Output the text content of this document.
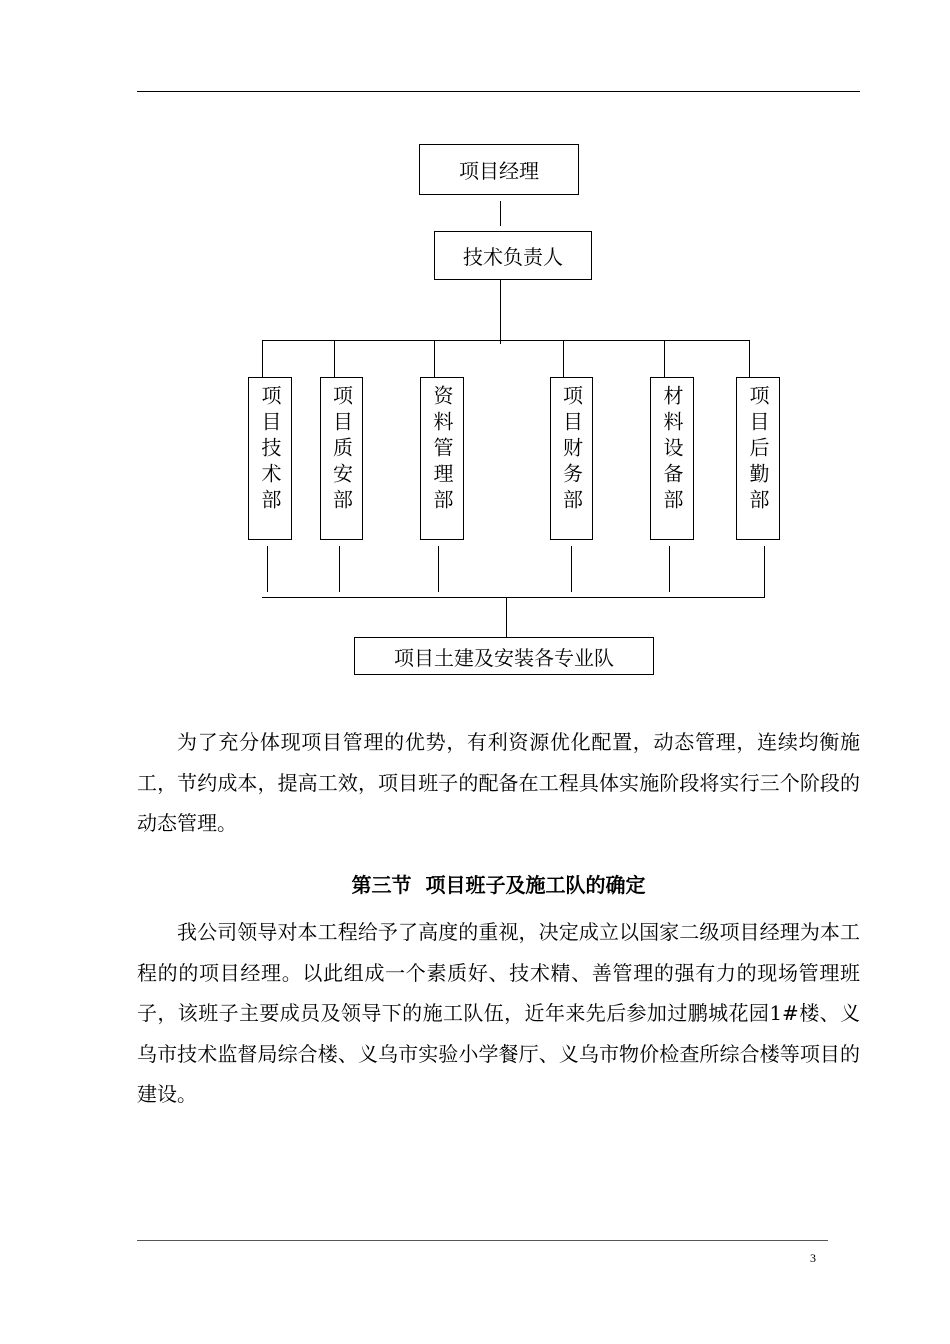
项目经理
技术负责人
项目技术部 项目质安部	资料管理部	项目财务部	材料设备部	项目后勤部
项目土建及安装各专业队

为了充分体现项目管理的优势，有利资源优化配置，动态管理，连续均衡施工，节约成本，提高工效，项目班子的配备在工程具体实施阶段将实行三个阶段的动态管理。

第三节  项目班子及施工队的确定

我公司领导对本工程给予了高度的重视，决定成立以国家二级项目经理为本工程的的项目经理。以此组成一个素质好、技术精、善管理的强有力的现场管理班子，该班子主要成员及领导下的施工队伍，近年来先后参加过鹏城花园1#楼、义乌市技术监督局综合楼、义乌市实验小学餐厅、义乌市物价检查所综合楼等项目的建设。

3
